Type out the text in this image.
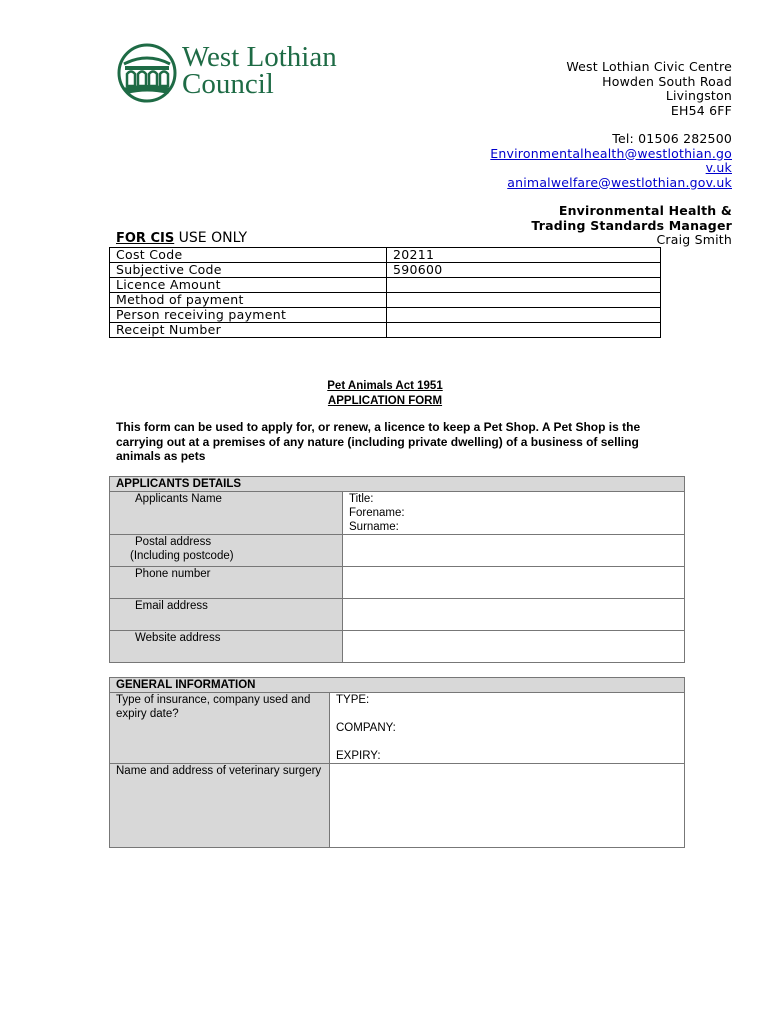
West Lothian
Council
West Lothian Civic Centre
Howden South Road
Livingston
EH54 6FF
Tel: 01506 282500
Environmentalhealth@westlothian.go
v.uk
animalwelfare@westlothian.gov.uk
Environmental Health &
Trading Standards Manager
Craig Smith
FOR CIS USE ONLY
Cost Code	20211
Subjective Code	590600
Licence Amount	
Method of payment	
Person receiving payment	
Receipt Number	
Pet Animals Act 1951
APPLICATION FORM
This form can be used to apply for, or renew, a licence to keep a Pet Shop. A Pet Shop is the carrying out at a premises of any nature (including private dwelling) of a business of selling animals as pets
APPLICANTS DETAILS	
Applicants Name	Title:
Forename:
Surname:

Postal address
(Including postcode)	

Phone number	
Email address	
Website address	
GENERAL INFORMATION	
Type of insurance, company used and expiry date?	TYPE:
COMPANY:
EXPIRY:

Name and address of veterinary surgery	
